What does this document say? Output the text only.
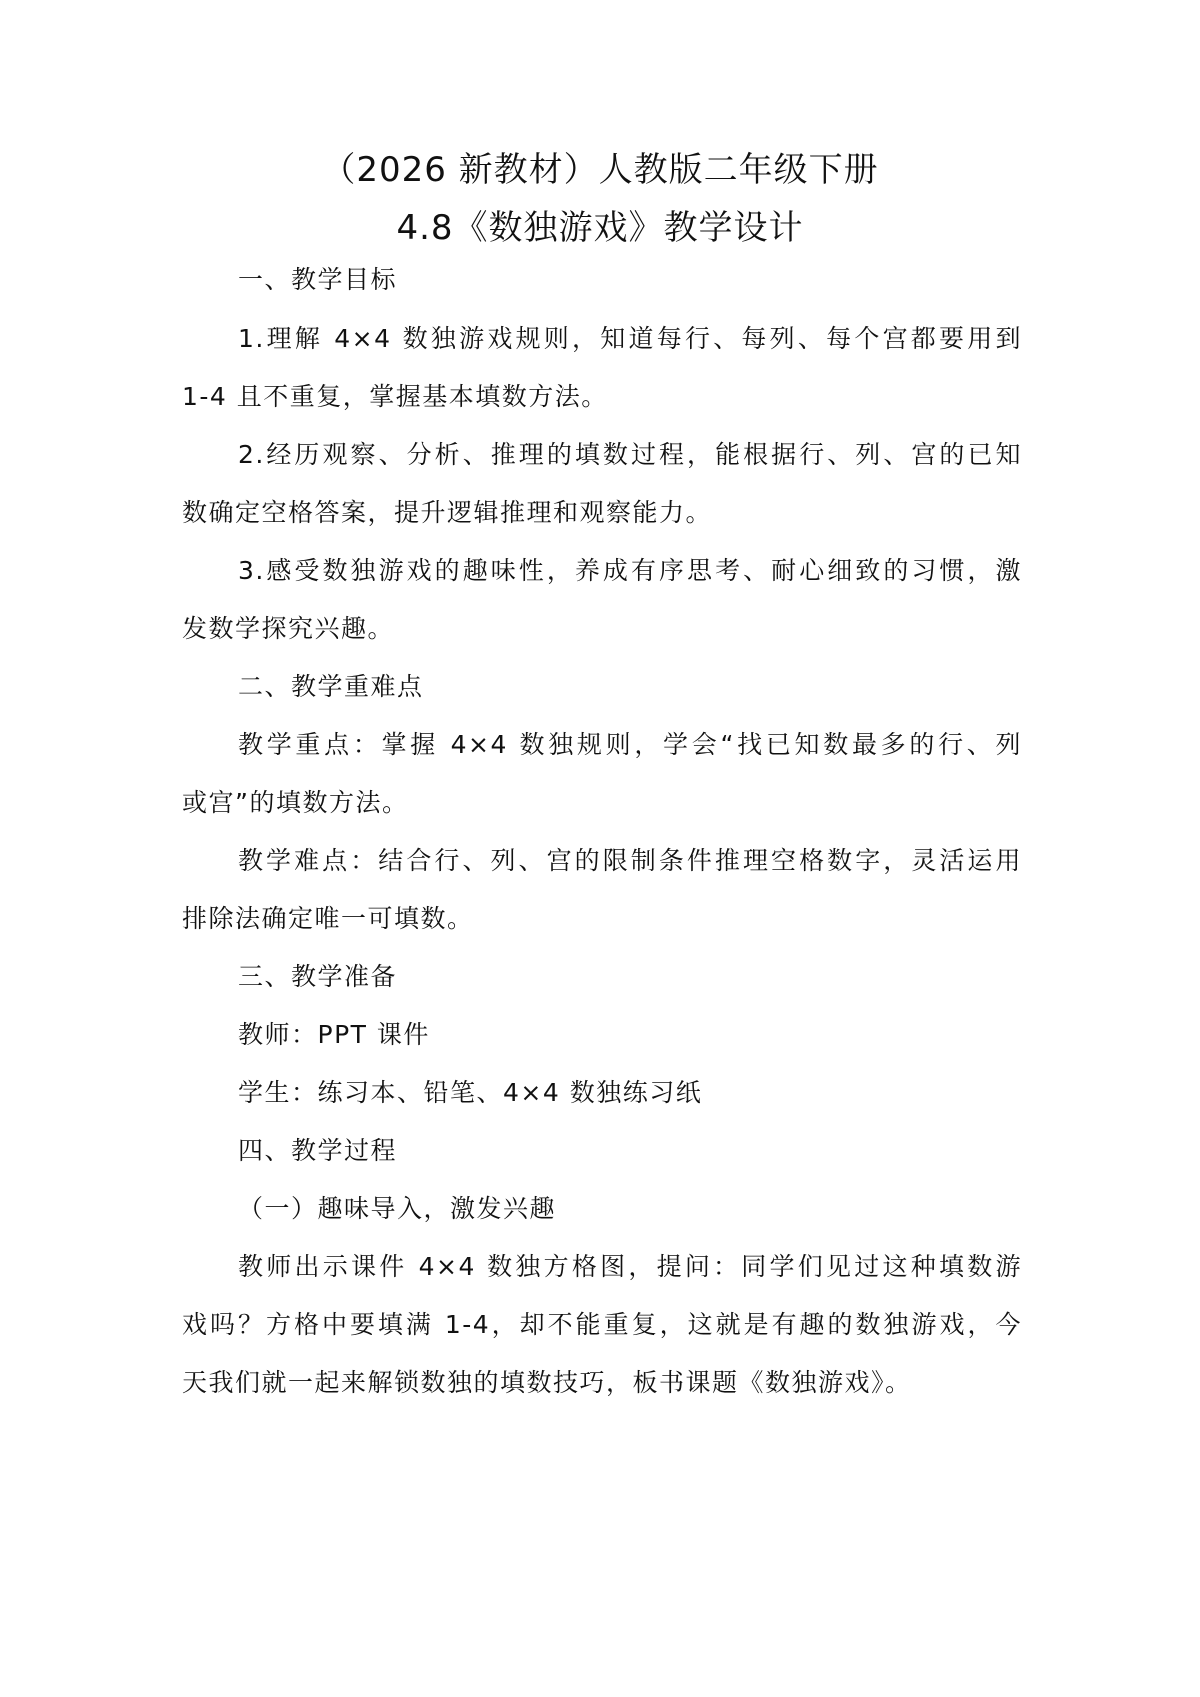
（2026 新教材）人教版二年级下册
4.8《数独游戏》教学设计
一、教学目标
1.理解 4×4 数独游戏规则，知道每行、每列、每个宫都要用到
1-4 且不重复，掌握基本填数方法。
2.经历观察、分析、推理的填数过程，能根据行、列、宫的已知
数确定空格答案，提升逻辑推理和观察能力。
3.感受数独游戏的趣味性，养成有序思考、耐心细致的习惯，激
发数学探究兴趣。
二、教学重难点
教学重点：掌握 4×4 数独规则，学会“找已知数最多的行、列
或宫”的填数方法。
教学难点：结合行、列、宫的限制条件推理空格数字，灵活运用
排除法确定唯一可填数。
三、教学准备
教师：PPT 课件
学生：练习本、铅笔、4×4 数独练习纸
四、教学过程
（一）趣味导入，激发兴趣
教师出示课件 4×4 数独方格图，提问：同学们见过这种填数游
戏吗？方格中要填满 1-4，却不能重复，这就是有趣的数独游戏，今
天我们就一起来解锁数独的填数技巧，板书课题《数独游戏》。
